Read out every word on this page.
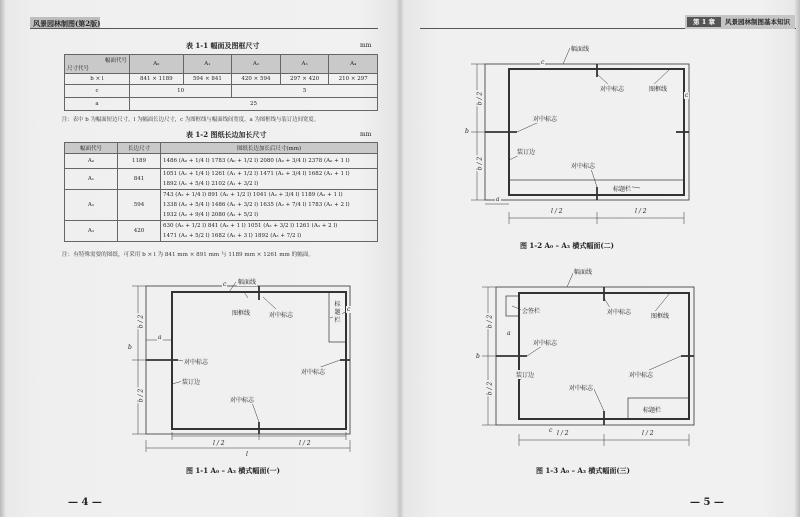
风景园林制图(第2版)
表 1-1 幅面及图框尺寸	mm
幅面代号
尺寸代号	A₀	A₁	A₂	A₃	A₄
b × l	841 × 1189	594 × 841	420 × 594	297 × 420	210 × 297
c	10		5		
a	25				
注：表中 b 为幅面短边尺寸，l 为幅面长边尺寸，c 为图框线与幅面线间宽度，a 为图框线与装订边间宽度。
表 1-2 图纸长边加长尺寸	mm
幅面代号	长边尺寸	图纸长边加长后尺寸(mm)
A₀	1189	1486 (A₀ + 1/4 l) 1783 (A₀ + 1/2 l) 2080 (A₀ + 3/4 l) 2378 (A₀ + 1 l)

A₁	841	1051 (A₁ + 1/4 l) 1261 (A₁ + 1/2 l) 1471 (A₁ + 3/4 l) 1682 (A₁ + 1 l)
1892 (A₁ + 5/4 l) 2102 (A₁ + 3/2 l)

A₂	594	743 (A₂ + 1/4 l) 891 (A₂ + 1/2 l) 1041 (A₂ + 3/4 l) 1189 (A₂ + 1 l)
1338 (A₂ + 5/4 l) 1486 (A₂ + 3/2 l) 1635 (A₂ + 7/4 l) 1783 (A₂ + 2 l)
1932 (A₂ + 9/4 l) 2080 (A₂ + 5/2 l)

A₃	420	630 (A₃ + 1/2 l) 841 (A₃ + 1 l) 1051 (A₃ + 3/2 l) 1261 (A₃ + 2 l)
1471 (A₃ + 5/2 l) 1682 (A₃ + 3 l) 1892 (A₃ + 7/2 l)
注：有特殊需要的图纸，可采用 b × l 为 841 mm × 891 mm 与 1189 mm × 1261 mm 的幅面。
幅面线
图框线	对中标志
标题栏
对中标志
对中标志
装订边
对中标志
a
c
c
b
b / 2
b / 2
l / 2	l / 2
l
图 1-1 A₀ – A₃ 横式幅面(一)
— 4 —
第 1 章	风景园林制图基本知识
幅面线
对中标志	图框线
对中标志
装订边
对中标志
标题栏
a
c
c
b
b / 2
b / 2
l / 2	l / 2
图 1-2 A₀ – A₃ 横式幅面(二)
幅面线
会签栏	对中标志
图框线
对中标志
装订边	对中标志
对中标志
标题栏
a
c
b
b / 2
b / 2
l / 2	l / 2
图 1-3 A₀ – A₃ 横式幅面(三)
— 5 —
